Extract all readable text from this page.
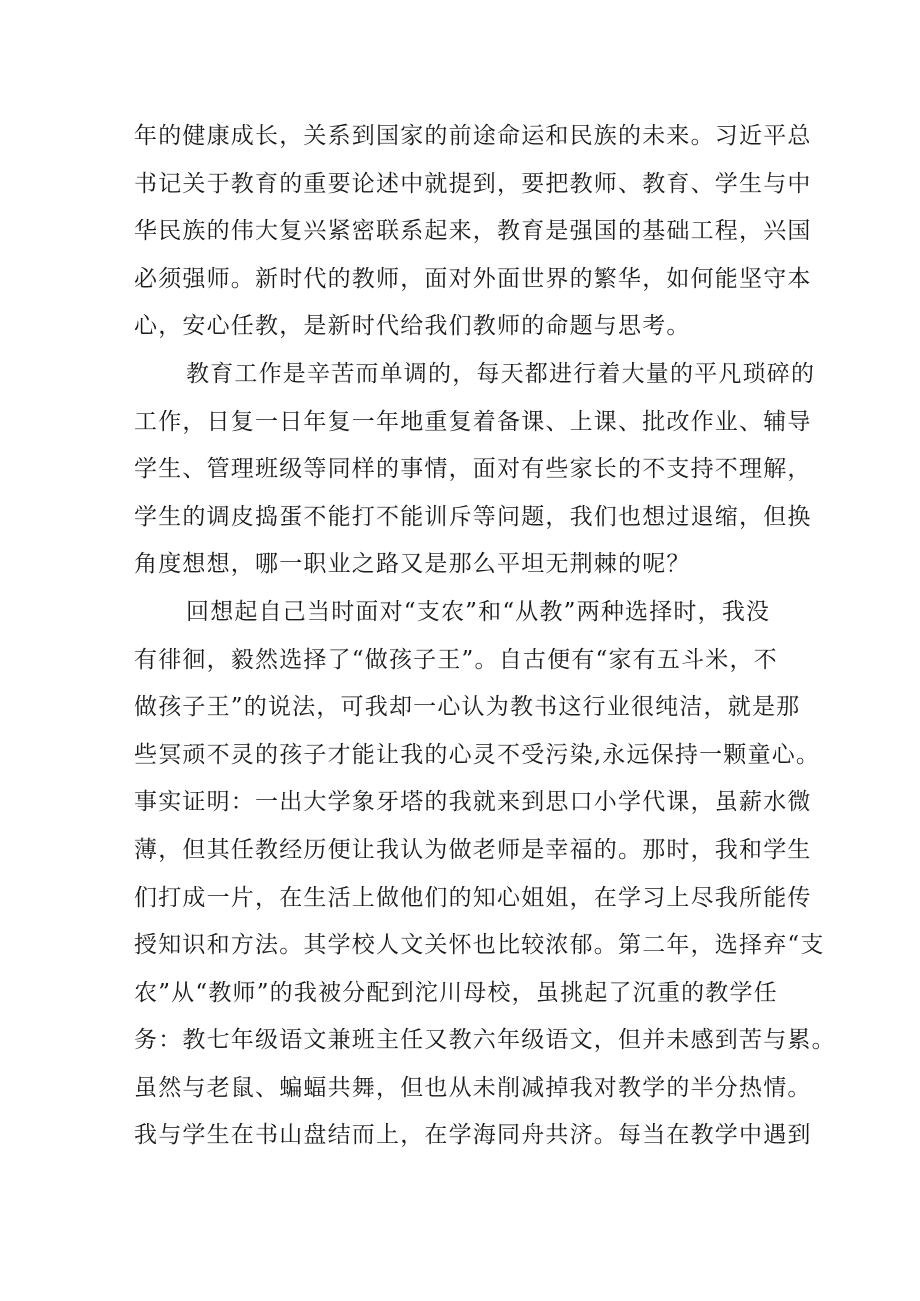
年的健康成长，关系到国家的前途命运和民族的未来。习近平总
书记关于教育的重要论述中就提到，要把教师、教育、学生与中
华民族的伟大复兴紧密联系起来，教育是强国的基础工程，兴国
必须强师。新时代的教师，面对外面世界的繁华，如何能坚守本
心，安心任教，是新时代给我们教师的命题与思考。
教育工作是辛苦而单调的，每天都进行着大量的平凡琐碎的
工作，日复一日年复一年地重复着备课、上课、批改作业、辅导
学生、管理班级等同样的事情，面对有些家长的不支持不理解，
学生的调皮捣蛋不能打不能训斥等问题，我们也想过退缩，但换
角度想想，哪一职业之路又是那么平坦无荆棘的呢？
回想起自己当时面对“支农”和“从教”两种选择时，我没
有徘徊，毅然选择了“做孩子王”。自古便有“家有五斗米，不
做孩子王”的说法，可我却一心认为教书这行业很纯洁，就是那
些冥顽不灵的孩子才能让我的心灵不受污染,永远保持一颗童心。
事实证明：一出大学象牙塔的我就来到思口小学代课，虽薪水微
薄，但其任教经历便让我认为做老师是幸福的。那时，我和学生
们打成一片，在生活上做他们的知心姐姐，在学习上尽我所能传
授知识和方法。其学校人文关怀也比较浓郁。第二年，选择弃“支
农”从“教师”的我被分配到沱川母校，虽挑起了沉重的教学任
务：教七年级语文兼班主任又教六年级语文，但并未感到苦与累。
虽然与老鼠、蝙蝠共舞，但也从未削减掉我对教学的半分热情。
我与学生在书山盘结而上，在学海同舟共济。每当在教学中遇到
